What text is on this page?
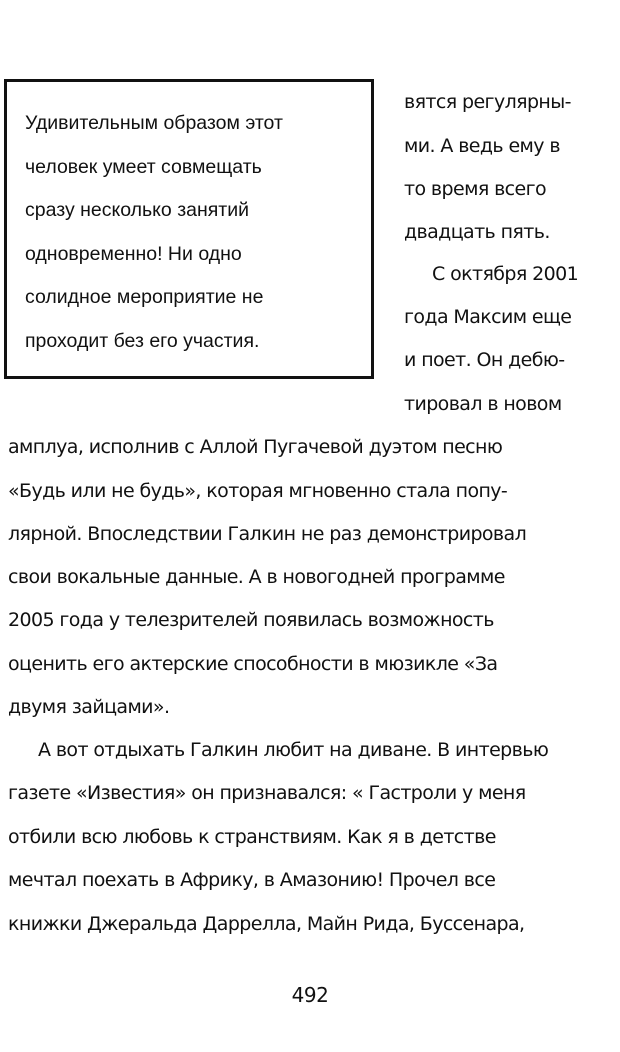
Удивительным образом этот
человек умеет совмещать
сразу несколько занятий
одновременно! Ни одно
солидное мероприятие не
проходит без его участия.
вятся регулярны-
ми. А ведь ему в
то время всего
двадцать пять.
С октября 2001
года Максим еще
и поет. Он дебю-
тировал в новом
амплуа, исполнив с Аллой Пугачевой дуэтом песню
«Будь или не будь», которая мгновенно стала попу-
лярной. Впоследствии Галкин не раз демонстрировал
свои вокальные данные. А в новогодней программе
2005 года у телезрителей появилась возможность
оценить его актерские способности в мюзикле «За
двумя зайцами».
А вот отдыхать Галкин любит на диване. В интервью
газете «Известия» он признавался: « Гастроли у меня
отбили всю любовь к странствиям. Как я в детстве
мечтал поехать в Африку, в Амазонию! Прочел все
книжки Джеральда Даррелла, Майн Рида, Буссенара,
492
